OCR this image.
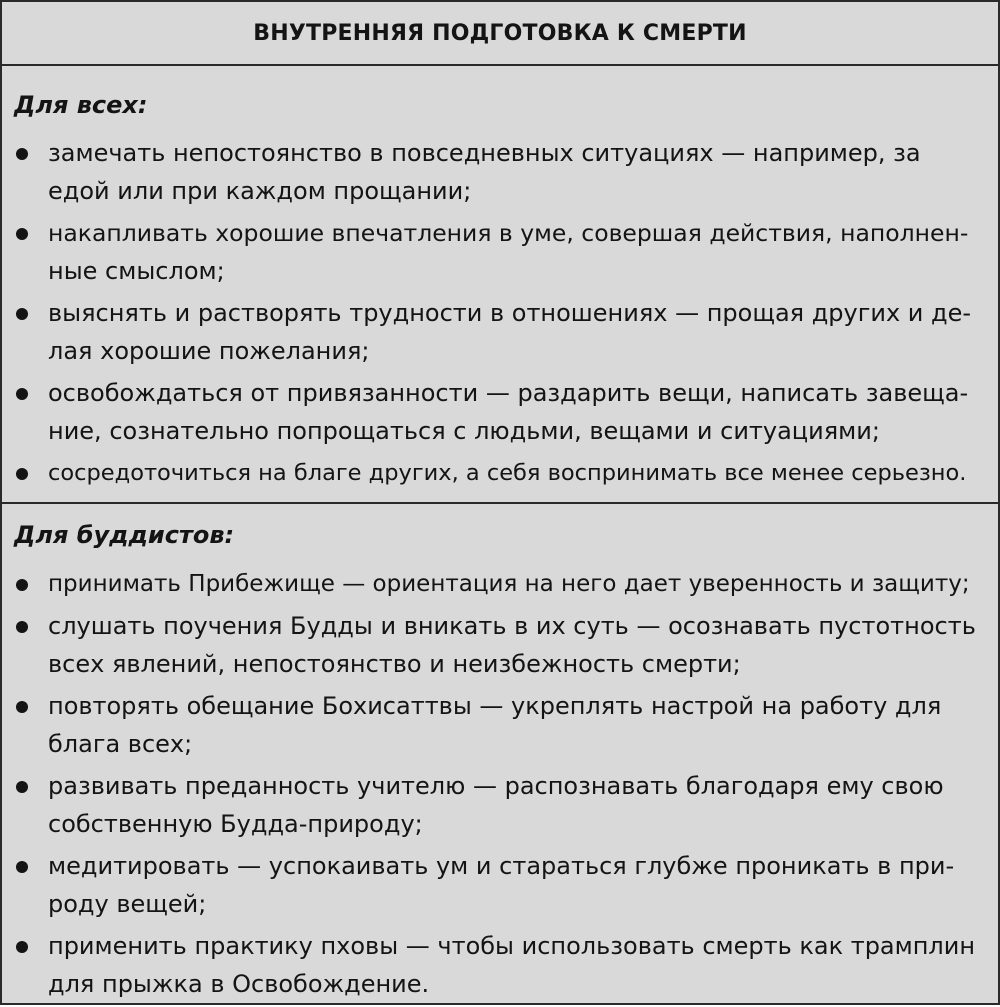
ВНУТРЕННЯЯ ПОДГОТОВКА К СМЕРТИ
Для всех:
замечать непостоянство в повседневных ситуациях — например, за
едой или при каждом прощании;
накапливать хорошие впечатления в уме, совершая действия, наполнен-
ные смыслом;
выяснять и растворять трудности в отношениях — прощая других и де-
лая хорошие пожелания;
освобождаться от привязанности — раздарить вещи, написать завеща-
ние, сознательно попрощаться с людьми, вещами и ситуациями;
сосредоточиться на благе других, а себя воспринимать все менее серьезно.
Для буддистов:
принимать Прибежище — ориентация на него дает уверенность и защиту;
слушать поучения Будды и вникать в их суть — осознавать пустотность
всех явлений, непостоянство и неизбежность смерти;
повторять обещание Бохисаттвы — укреплять настрой на работу для
блага всех;
развивать преданность учителю — распознавать благодаря ему свою
собственную Будда-природу;
медитировать — успокаивать ум и стараться глубже проникать в при-
роду вещей;
применить практику пховы — чтобы использовать смерть как трамплин
для прыжка в Освобождение.
